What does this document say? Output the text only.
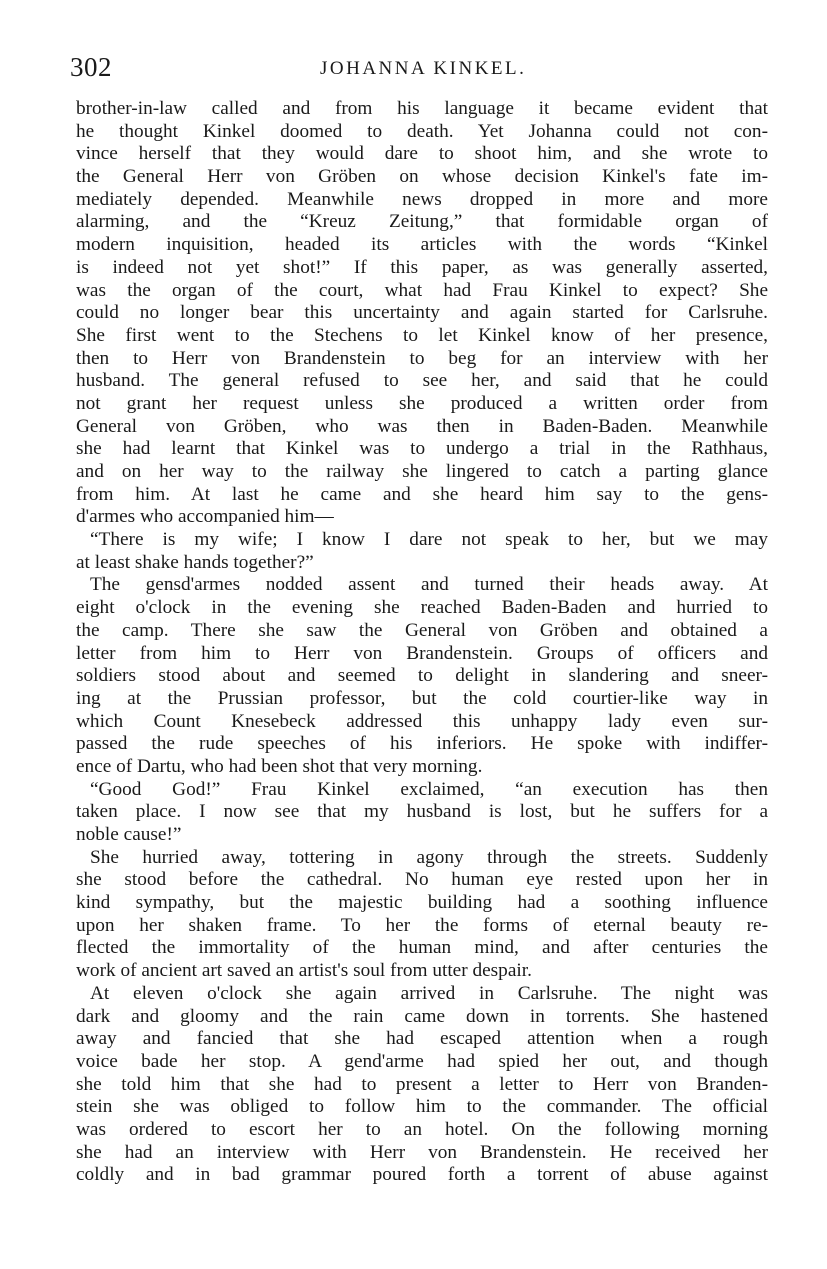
302	JOHANNA KINKEL.
brother-in-law called and from his language it became evident that
he thought Kinkel doomed to death. Yet Johanna could not con-
vince herself that they would dare to shoot him, and she wrote to
the General Herr von Gröben on whose decision Kinkel's fate im-
mediately depended. Meanwhile news dropped in more and more
alarming, and the “Kreuz Zeitung,” that formidable organ of
modern inquisition, headed its articles with the words “Kinkel
is indeed not yet shot!” If this paper, as was generally asserted,
was the organ of the court, what had Frau Kinkel to expect? She
could no longer bear this uncertainty and again started for Carlsruhe.
She first went to the Stechens to let Kinkel know of her presence,
then to Herr von Brandenstein to beg for an interview with her
husband. The general refused to see her, and said that he could
not grant her request unless she produced a written order from
General von Gröben, who was then in Baden-Baden. Meanwhile
she had learnt that Kinkel was to undergo a trial in the Rathhaus,
and on her way to the railway she lingered to catch a parting glance
from him. At last he came and she heard him say to the gens-
d'armes who accompanied him—
“There is my wife; I know I dare not speak to her, but we may
at least shake hands together?”
The gensd'armes nodded assent and turned their heads away. At
eight o'clock in the evening she reached Baden-Baden and hurried to
the camp. There she saw the General von Gröben and obtained a
letter from him to Herr von Brandenstein. Groups of officers and
soldiers stood about and seemed to delight in slandering and sneer-
ing at the Prussian professor, but the cold courtier-like way in
which Count Knesebeck addressed this unhappy lady even sur-
passed the rude speeches of his inferiors. He spoke with indiffer-
ence of Dartu, who had been shot that very morning.
“Good God!” Frau Kinkel exclaimed, “an execution has then
taken place. I now see that my husband is lost, but he suffers for a
noble cause!”
She hurried away, tottering in agony through the streets. Suddenly
she stood before the cathedral. No human eye rested upon her in
kind sympathy, but the majestic building had a soothing influence
upon her shaken frame. To her the forms of eternal beauty re-
flected the immortality of the human mind, and after centuries the
work of ancient art saved an artist's soul from utter despair.
At eleven o'clock she again arrived in Carlsruhe. The night was
dark and gloomy and the rain came down in torrents. She hastened
away and fancied that she had escaped attention when a rough
voice bade her stop. A gend'arme had spied her out, and though
she told him that she had to present a letter to Herr von Branden-
stein she was obliged to follow him to the commander. The official
was ordered to escort her to an hotel. On the following morning
she had an interview with Herr von Brandenstein. He received her
coldly and in bad grammar poured forth a torrent of abuse against
